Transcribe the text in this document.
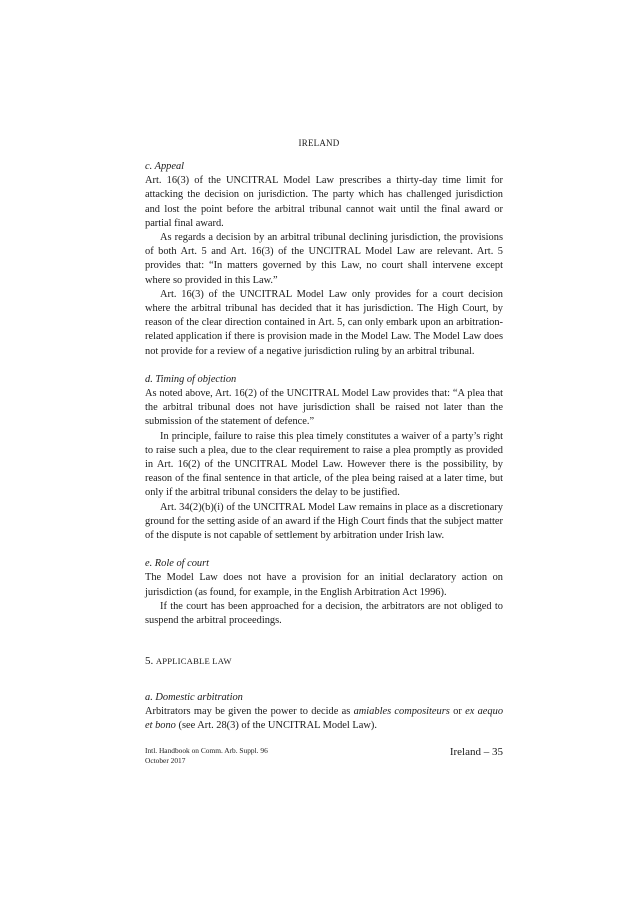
IRELAND

c. Appeal

Art. 16(3) of the UNCITRAL Model Law prescribes a thirty-day time limit for attacking the decision on jurisdiction. The party which has challenged jurisdiction and lost the point before the arbitral tribunal cannot wait until the final award or partial final award.

As regards a decision by an arbitral tribunal declining jurisdiction, the provisions of both Art. 5 and Art. 16(3) of the UNCITRAL Model Law are relevant. Art. 5 provides that: “In matters governed by this Law, no court shall intervene except where so provided in this Law.”

Art. 16(3) of the UNCITRAL Model Law only provides for a court decision where the arbitral tribunal has decided that it has jurisdiction. The High Court, by reason of the clear direction contained in Art. 5, can only embark upon an arbitration- related application if there is provision made in the Model Law. The Model Law does not provide for a review of a negative jurisdiction ruling by an arbitral tribunal.

d. Timing of objection

As noted above, Art. 16(2) of the UNCITRAL Model Law provides that: “A plea that the arbitral tribunal does not have jurisdiction shall be raised not later than the submission of the statement of defence.”

In principle, failure to raise this plea timely constitutes a waiver of a party’s right to raise such a plea, due to the clear requirement to raise a plea promptly as provided in Art. 16(2) of the UNCITRAL Model Law. However there is the possibility, by reason of the final sentence in that article, of the plea being raised at a later time, but only if the arbitral tribunal considers the delay to be justified.

Art. 34(2)(b)(i) of the UNCITRAL Model Law remains in place as a discretionary ground for the setting aside of an award if the High Court finds that the subject matter of the dispute is not capable of settlement by arbitration under Irish law.

e. Role of court

The Model Law does not have a provision for an initial declaratory action on jurisdiction (as found, for example, in the English Arbitration Act 1996).

If the court has been approached for a decision, the arbitrators are not obliged to suspend the arbitral proceedings.

5. APPLICABLE LAW

a. Domestic arbitration

Arbitrators may be given the power to decide as amiables compositeurs or ex aequo et bono (see Art. 28(3) of the UNCITRAL Model Law).

Intl. Handbook on Comm. Arb. Suppl. 96
October 2017
Ireland – 35
